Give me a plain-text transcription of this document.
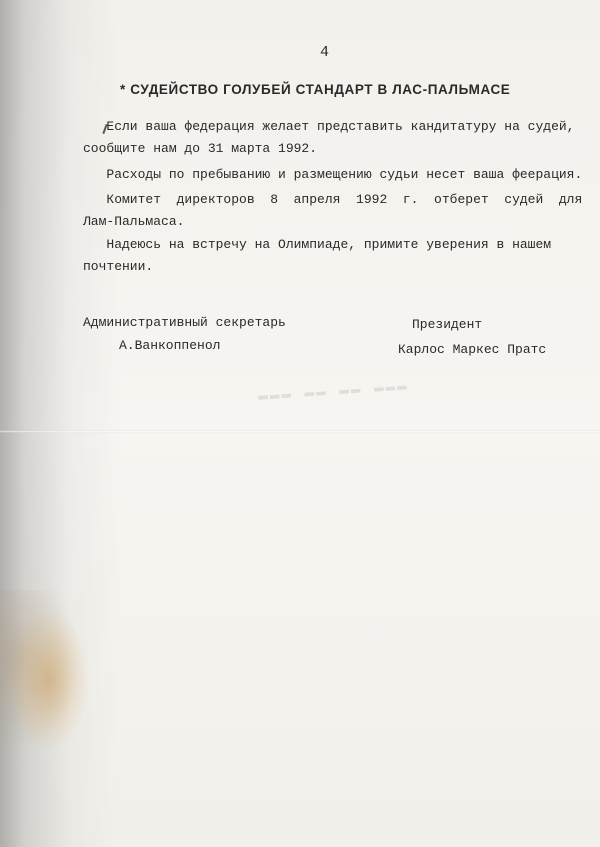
▬▬▬ ▬▬ ▬▬ ▬▬▬
4
* СУДЕЙСТВО ГОЛУБЕЙ СТАНДАРТ В ЛАС-ПАЛЬМАСЕ
Если ваша федерация желает представить кандитатуру на судей,
сообщите нам до 31 марта 1992.
Расходы по пребыванию и размещению судьи несет ваша феерация.
Комитет  директоров  8  апреля  1992  г.  отберет  судей  для
Лам-Пальмаса.
Надеюсь на встречу на Олимпиаде, примите уверения в нашем
почтении.
Административный секретарь
А.Ванкоппенол
Президент
Карлос Маркес Пратс
